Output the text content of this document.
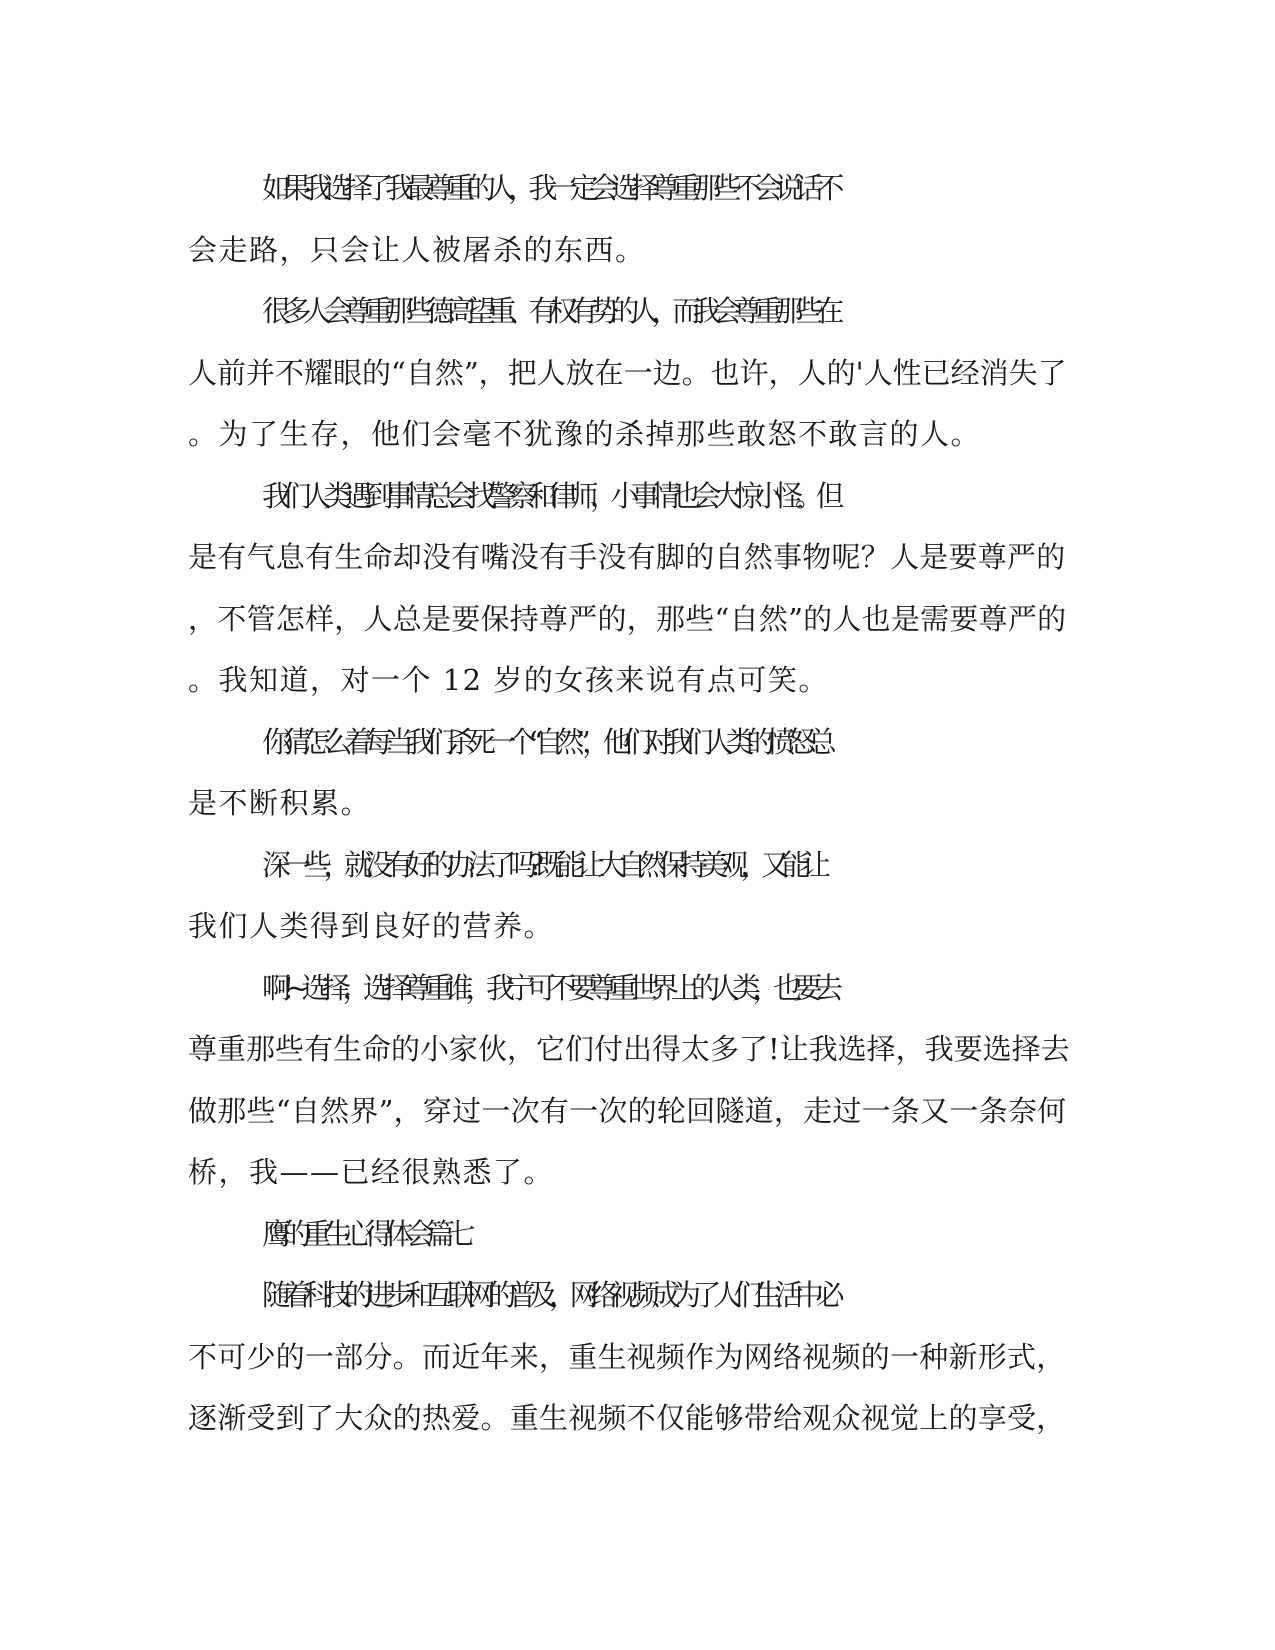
如果我选择了我最尊重的人，我一定会选择尊重那些不会说话不
会走路，只会让人被屠杀的东西。

很多人会尊重那些德高望重、有权有势的人，而我会尊重那些在
人前并不耀眼的“自然”，把人放在一边。也许，人的'人性已经消失了
。为了生存，他们会毫不犹豫的杀掉那些敢怒不敢言的人。

我们人类遇到事情总会找警察和律师，小事情也会大惊小怪。但
是有气息有生命却没有嘴没有手没有脚的自然事物呢？人是要尊严的
，不管怎样，人总是要保持尊严的，那些“自然”的人也是需要尊严的
。我知道，对一个 12 岁的女孩来说有点可笑。

你猜怎么着每当我们杀死一个“自然”，他们对我们人类的愤怒总
是不断积累。

深一些，就没有好的办法了吗?既能让大自然保持美观，又能让
我们人类得到良好的营养。

啊!~选择，选择尊重谁，我宁可不要尊重世界上的人类，也要去
尊重那些有生命的小家伙，它们付出得太多了!让我选择，我要选择去
做那些“自然界”，穿过一次有一次的轮回隧道，走过一条又一条奈何
桥，我——已经很熟悉了。

鹰的重生心得体会篇七

随着科技的进步和互联网的普及，网络视频成为了人们生活中必
不可少的一部分。而近年来，重生视频作为网络视频的一种新形式，
逐渐受到了大众的热爱。重生视频不仅能够带给观众视觉上的享受，
